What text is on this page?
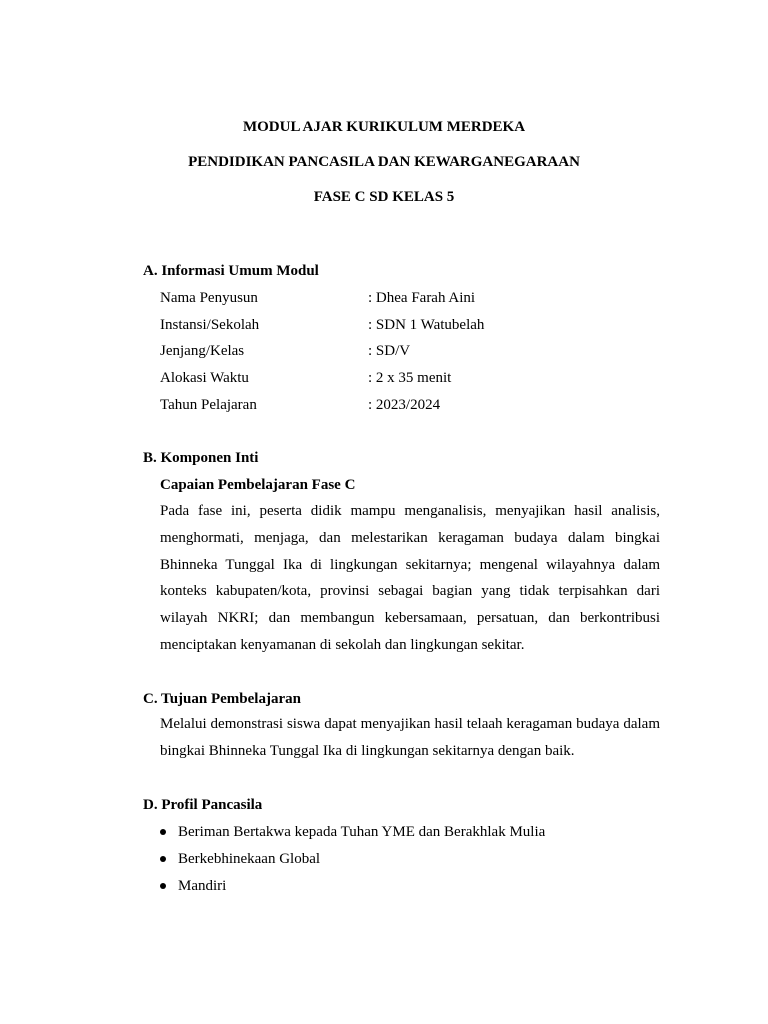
MODUL AJAR KURIKULUM MERDEKA
PENDIDIKAN PANCASILA DAN KEWARGANEGARAAN
FASE C SD KELAS 5
A. Informasi Umum Modul
Nama Penyusun	: Dhea Farah Aini
Instansi/Sekolah	: SDN 1 Watubelah
Jenjang/Kelas	: SD/V
Alokasi Waktu	: 2 x 35 menit
Tahun Pelajaran	: 2023/2024
B. Komponen Inti
Capaian Pembelajaran Fase C
Pada fase ini, peserta didik mampu menganalisis, menyajikan hasil analisis,
menghormati, menjaga, dan melestarikan keragaman budaya dalam bingkai
Bhinneka Tunggal Ika di lingkungan sekitarnya; mengenal wilayahnya dalam
konteks kabupaten/kota, provinsi sebagai bagian yang tidak terpisahkan dari
wilayah NKRI; dan membangun kebersamaan, persatuan, dan berkontribusi
menciptakan kenyamanan di sekolah dan lingkungan sekitar.
C. Tujuan Pembelajaran
Melalui demonstrasi siswa dapat menyajikan hasil telaah keragaman budaya dalam
bingkai Bhinneka Tunggal Ika di lingkungan sekitarnya dengan baik.
D. Profil Pancasila
Beriman Bertakwa kepada Tuhan YME dan Berakhlak Mulia
Berkebhinekaan Global
Mandiri
